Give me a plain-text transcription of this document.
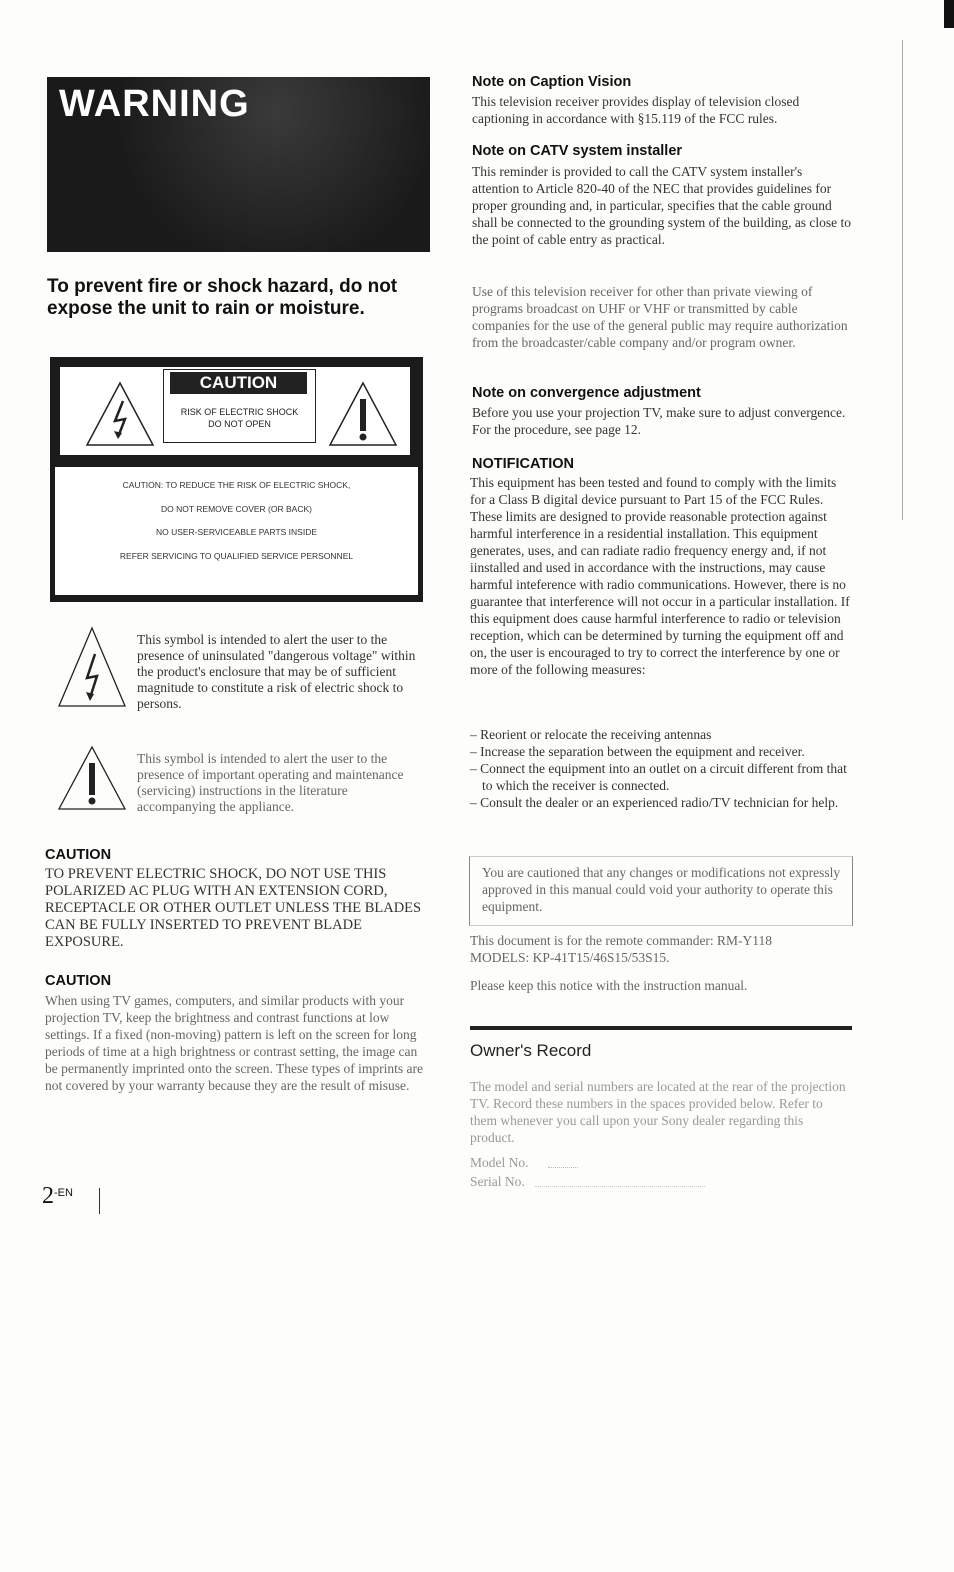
WARNING
To prevent fire or shock hazard, do not expose the unit to rain or moisture.
CAUTION
RISK OF ELECTRIC SHOCK
DO NOT OPEN
CAUTION: TO REDUCE THE RISK OF ELECTRIC SHOCK,
DO NOT REMOVE COVER (OR BACK)
NO USER-SERVICEABLE PARTS INSIDE
REFER SERVICING TO QUALIFIED SERVICE PERSONNEL
This symbol is intended to alert the user to the presence of uninsulated "dangerous voltage" within the product's enclosure that may be of sufficient magnitude to constitute a risk of electric shock to persons.
This symbol is intended to alert the user to the presence of important operating and maintenance (servicing) instructions in the literature accompanying the appliance.
CAUTION
TO PREVENT ELECTRIC SHOCK, DO NOT USE THIS POLARIZED AC PLUG WITH AN EXTENSION CORD, RECEPTACLE OR OTHER OUTLET UNLESS THE BLADES CAN BE FULLY INSERTED TO PREVENT BLADE EXPOSURE.
CAUTION
When using TV games, computers, and similar products with your projection TV, keep the brightness and contrast functions at low settings. If a fixed (non-moving) pattern is left on the screen for long periods of time at a high brightness or contrast setting, the image can be permanently imprinted onto the screen. These types of imprints are not covered by your warranty because they are the result of misuse.
$2^{-EN}$
Note on Caption Vision
This television receiver provides display of television closed captioning in accordance with §15.119 of the FCC rules.
Note on CATV system installer
This reminder is provided to call the CATV system installer's attention to Article 820-40 of the NEC that provides guidelines for proper grounding and, in particular, specifies that the cable ground shall be connected to the grounding system of the building, as close to the point of cable entry as practical.
Use of this television receiver for other than private viewing of programs broadcast on UHF or VHF or transmitted by cable companies for the use of the general public may require authorization from the broadcaster/cable company and/or program owner.
Note on convergence adjustment
Before you use your projection TV, make sure to adjust convergence. For the procedure, see page 12.
NOTIFICATION
This equipment has been tested and found to comply with the limits for a Class B digital device pursuant to Part 15 of the FCC Rules. These limits are designed to provide reasonable protection against harmful interference in a residential installation. This equipment generates, uses, and can radiate radio frequency energy and, if not iinstalled and used in accordance with the instructions, may cause harmful inteference with radio communications. However, there is no guarantee that interference will not occur in a particular installation. If this equipment does cause harmful interference to radio or television reception, which can be determined by turning the equipment off and on, the user is encouraged to try to correct the interference by one or more of the following measures:
– Reorient or relocate the receiving antennas
– Increase the separation between the equipment and receiver.
– Connect the equipment into an outlet on a circuit different from that to which the receiver is connected.
– Consult the dealer or an experienced radio/TV technician for help.
You are cautioned that any changes or modifications not expressly approved in this manual could void your authority to operate this equipment.
This document is for the remote commander: RM-Y118
MODELS: KP-41T15/46S15/53S15.
Please keep this notice with the instruction manual.
Owner's Record
The model and serial numbers are located at the rear of the projection TV. Record these numbers in the spaces provided below. Refer to them whenever you call upon your Sony dealer regarding this product.
Model No.
Serial No.
